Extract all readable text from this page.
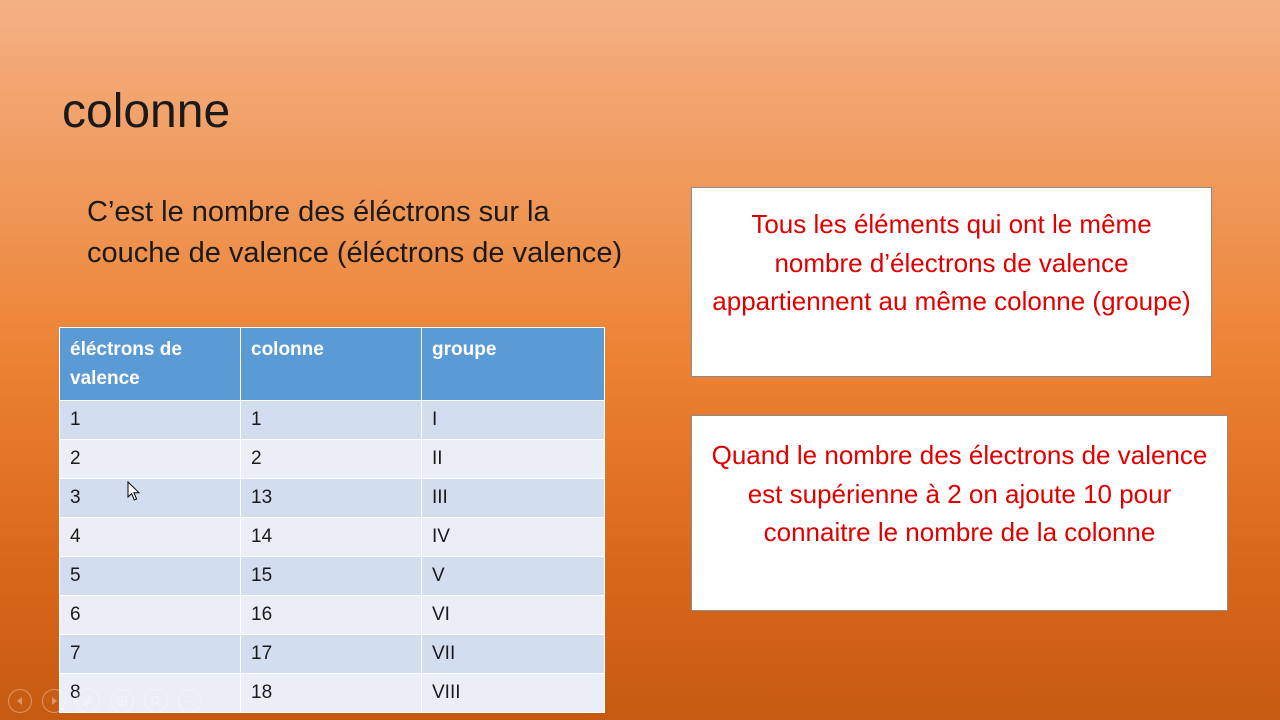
colonne
C’est le nombre des éléctrons sur la couche de valence (éléctrons de valence)
éléctrons de valence	colonne	groupe
1	1	I
2	2	II
3	13	III
4	14	IV
5	15	V
6	16	VI
7	17	VII
8	18	VIII
Tous les éléments qui ont le même nombre d’électrons de valence appartiennent au même colonne (groupe)
Quand le nombre des électrons de valence est supérienne à 2 on ajoute 10 pour connaitre le nombre de la colonne
